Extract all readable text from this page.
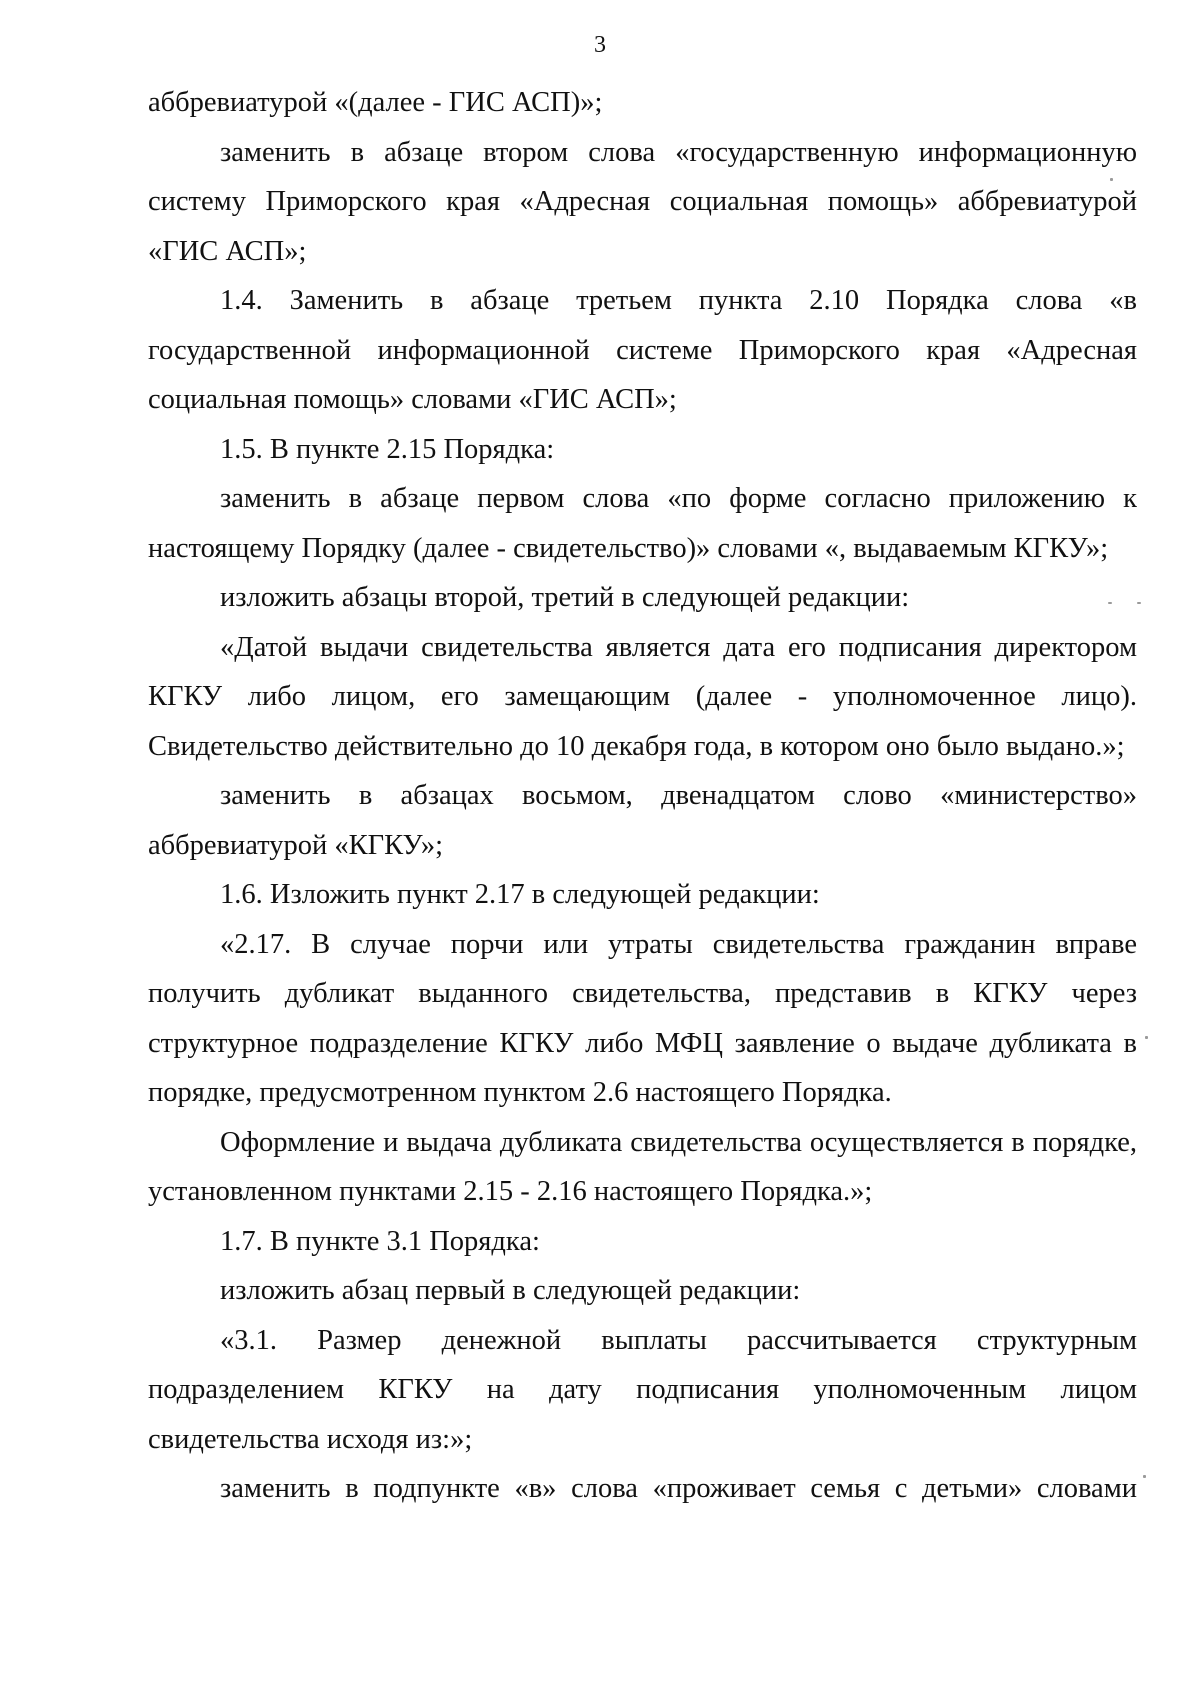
3

аббревиатурой «(далее - ГИС АСП)»;

заменить в абзаце втором слова «государственную информационную систему Приморского края «Адресная социальная помощь» аббревиатурой «ГИС АСП»;

1.4. Заменить в абзаце третьем пункта 2.10 Порядка слова «в государственной информационной системе Приморского края «Адресная социальная помощь» словами «ГИС АСП»;

1.5. В пункте 2.15 Порядка:

заменить в абзаце первом слова «по форме согласно приложению к настоящему Порядку (далее - свидетельство)» словами «, выдаваемым КГКУ»;

изложить абзацы второй, третий в следующей редакции:

«Датой выдачи свидетельства является дата его подписания директором КГКУ либо лицом, его замещающим (далее - уполномоченное лицо). Свидетельство действительно до 10 декабря года, в котором оно было выдано.»;

заменить в абзацах восьмом, двенадцатом слово «министерство» аббревиатурой «КГКУ»;

1.6. Изложить пункт 2.17 в следующей редакции:

«2.17. В случае порчи или утраты свидетельства гражданин вправе получить дубликат выданного свидетельства, представив в КГКУ через структурное подразделение КГКУ либо МФЦ заявление о выдаче дубликата в порядке, предусмотренном пунктом 2.6 настоящего Порядка.

Оформление и выдача дубликата свидетельства осуществляется в порядке, установленном пунктами 2.15 - 2.16 настоящего Порядка.»;

1.7. В пункте 3.1 Порядка:

изложить абзац первый в следующей редакции:

«3.1. Размер денежной выплаты рассчитывается структурным подразделением КГКУ на дату подписания уполномоченным лицом свидетельства исходя из:»;

заменить в подпункте «в» слова «проживает семья с детьми» словами
